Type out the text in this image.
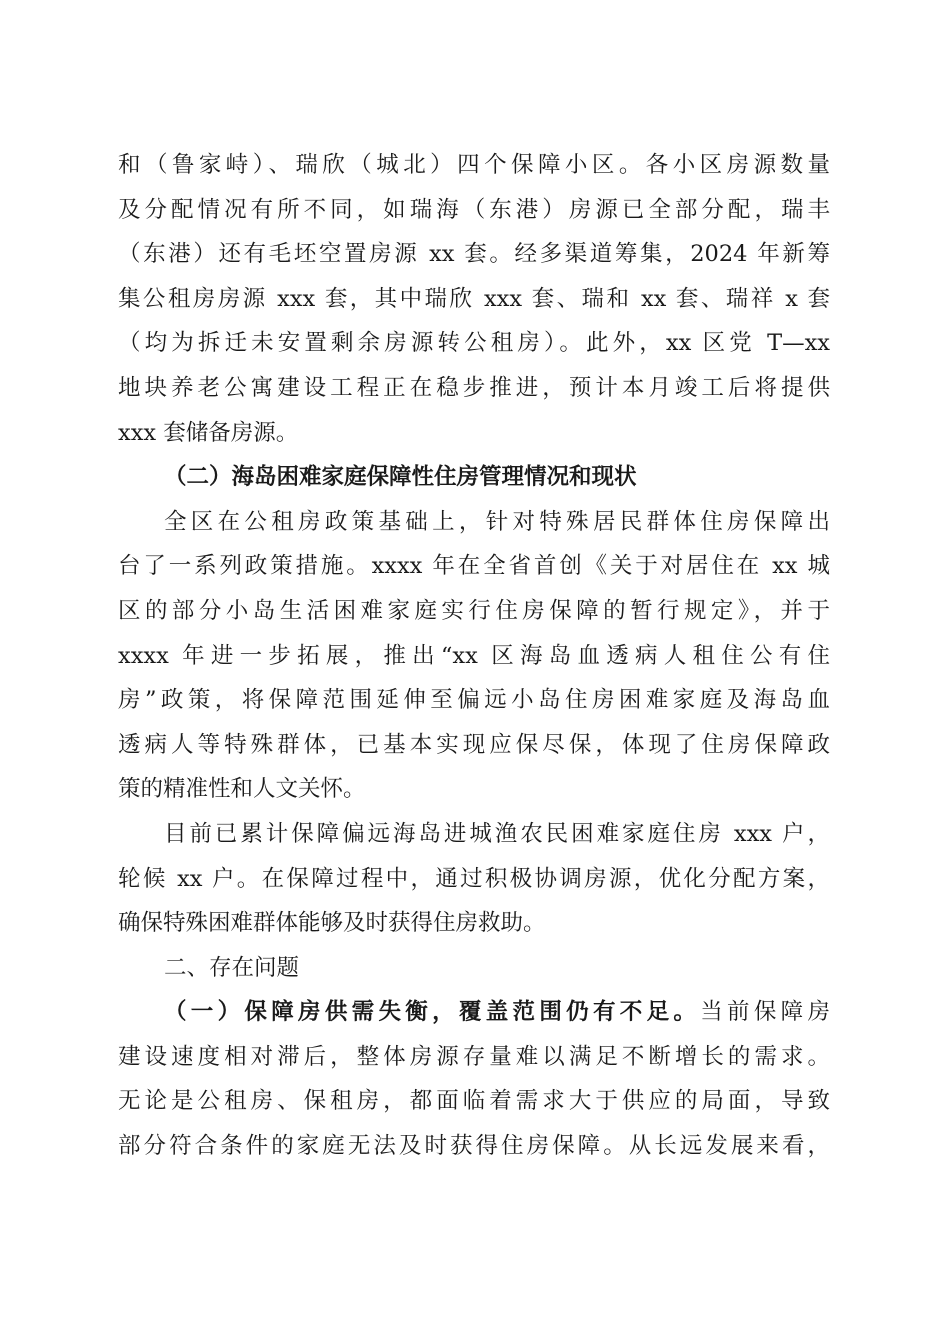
和（鲁家峙）、瑞欣（城北）四个保障小区。各小区房源数量
及分配情况有所不同，如瑞海（东港）房源已全部分配，瑞丰
（东港）还有毛坯空置房源 xx 套。经多渠道筹集，2024 年新筹
集公租房房源 xxx 套，其中瑞欣 xxx 套、瑞和 xx 套、瑞祥 x 套
（均为拆迁未安置剩余房源转公租房）。此外，xx 区党 T—xx
地块养老公寓建设工程正在稳步推进，预计本月竣工后将提供
xxx 套储备房源。
（二）海岛困难家庭保障性住房管理情况和现状
全区在公租房政策基础上，针对特殊居民群体住房保障出
台了一系列政策措施。xxxx 年在全省首创《关于对居住在 xx 城
区的部分小岛生活困难家庭实行住房保障的暂行规定》，并于
xxxx 年进一步拓展，推出“xx 区海岛血透病人租住公有住
房”政策，将保障范围延伸至偏远小岛住房困难家庭及海岛血
透病人等特殊群体，已基本实现应保尽保，体现了住房保障政
策的精准性和人文关怀。
目前已累计保障偏远海岛进城渔农民困难家庭住房 xxx 户，
轮候 xx 户。在保障过程中，通过积极协调房源，优化分配方案，
确保特殊困难群体能够及时获得住房救助。
二、存在问题
（一）保障房供需失衡，覆盖范围仍有不足。当前保障房
建设速度相对滞后，整体房源存量难以满足不断增长的需求。
无论是公租房、保租房，都面临着需求大于供应的局面，导致
部分符合条件的家庭无法及时获得住房保障。从长远发展来看，
